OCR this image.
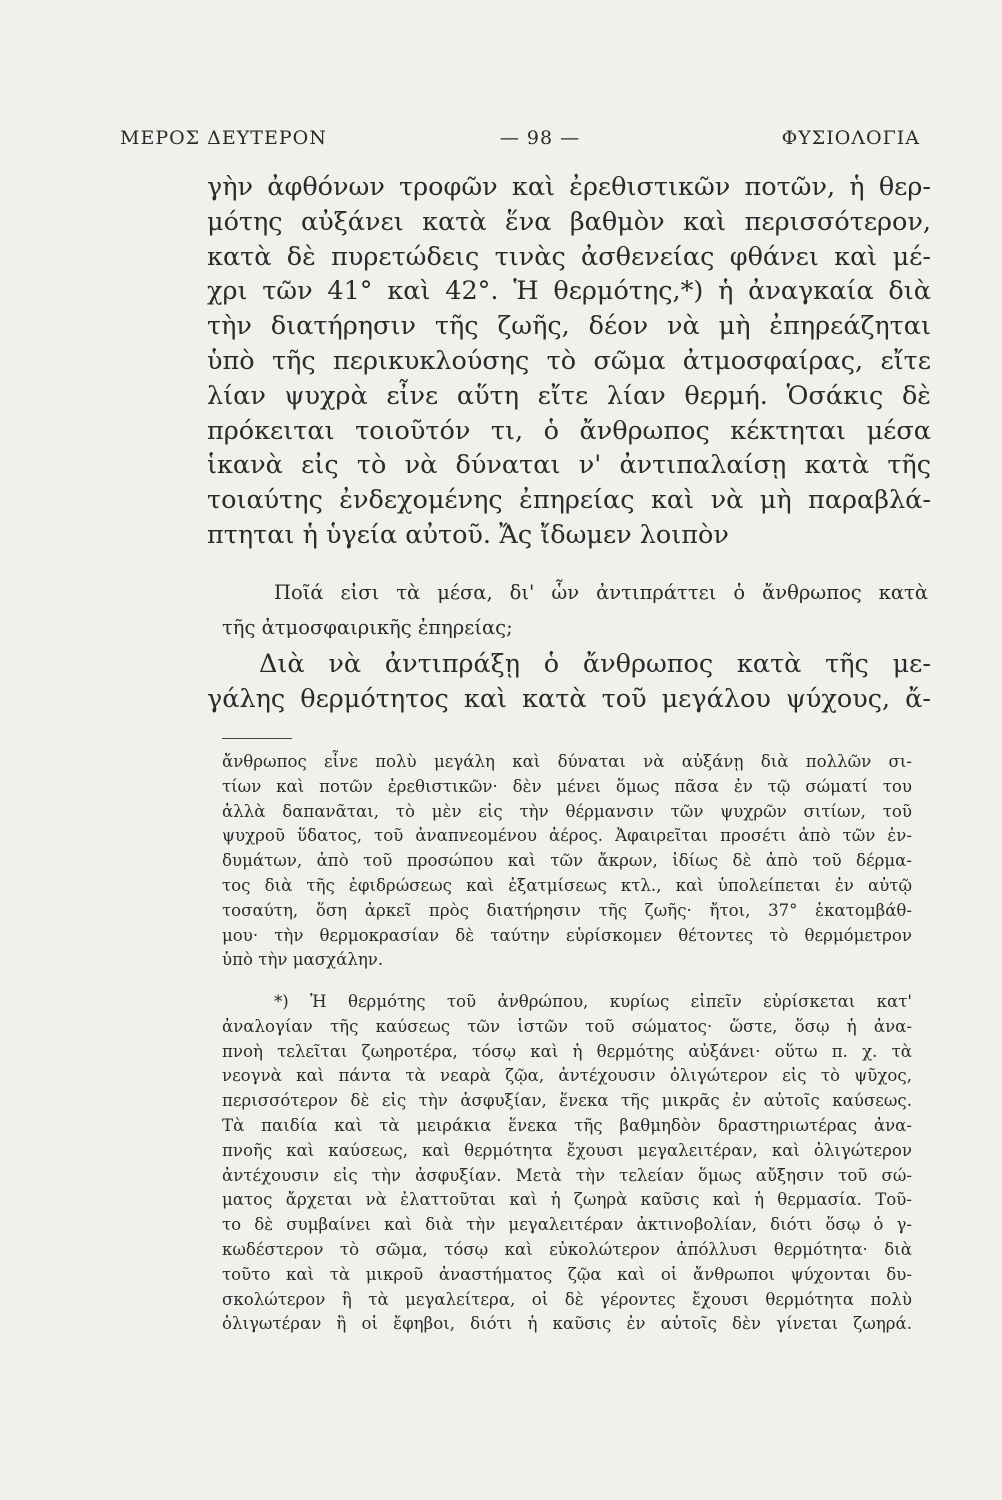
ΜΕΡΟΣ ΔΕΥΤΕΡΟΝ	— 98 —	ΦΥΣΙΟΛΟΓΙΑ
γὴν ἀφθόνων τροφῶν καὶ ἐρεθιστικῶν ποτῶν, ἡ θερ-
μότης αὐξάνει κατὰ ἕνα βαθμὸν καὶ περισσότερον,
κατὰ δὲ πυρετώδεις τινὰς ἀσθενείας φθάνει καὶ μέ-
χρι τῶν 41° καὶ 42°. Ἡ θερμότης,*) ἡ ἀναγκαία διὰ
τὴν διατήρησιν τῆς ζωῆς, δέον νὰ μὴ ἐπηρεάζηται
ὑπὸ τῆς περικυκλούσης τὸ σῶμα ἀτμοσφαίρας, εἴτε
λίαν ψυχρὰ εἶνε αὕτη εἴτε λίαν θερμή. Ὁσάκις δὲ
πρόκειται τοιοῦτόν τι, ὁ ἄνθρωπος κέκτηται μέσα
ἱκανὰ εἰς τὸ νὰ δύναται ν' ἀντιπαλαίσῃ κατὰ τῆς
τοιαύτης ἐνδεχομένης ἐπηρείας καὶ νὰ μὴ παραβλά-
πτηται ἡ ὑγεία αὐτοῦ. Ἄς ἴδωμεν λοιπὸν
Ποῖά εἰσι τὰ μέσα, δι' ὧν ἀντιπράττει ὁ ἄνθρωπος κατὰ
τῆς ἀτμοσφαιρικῆς ἐπηρείας;
Διὰ νὰ ἀντιπράξῃ ὁ ἄνθρωπος κατὰ τῆς με-
γάλης θερμότητος καὶ κατὰ τοῦ μεγάλου ψύχους, ἄ-
ἄνθρωπος εἶνε πολὺ μεγάλη καὶ δύναται νὰ αὐξάνῃ διὰ πολλῶν σι-
τίων καὶ ποτῶν ἐρεθιστικῶν· δὲν μένει ὅμως πᾶσα ἐν τῷ σώματί του
ἀλλὰ δαπανᾶται, τὸ μὲν εἰς τὴν θέρμανσιν τῶν ψυχρῶν σιτίων, τοῦ
ψυχροῦ ὕδατος, τοῦ ἀναπνεομένου ἀέρος. Ἀφαιρεῖται προσέτι ἀπὸ τῶν ἐν-
δυμάτων, ἀπὸ τοῦ προσώπου καὶ τῶν ἄκρων, ἰδίως δὲ ἀπὸ τοῦ δέρμα-
τος διὰ τῆς ἐφιδρώσεως καὶ ἐξατμίσεως κτλ., καὶ ὑπολείπεται ἐν αὐτῷ
τοσαύτη, ὅση ἀρκεῖ πρὸς διατήρησιν τῆς ζωῆς· ἤτοι, 37° ἑκατομβάθ-
μου· τὴν θερμοκρασίαν δὲ ταύτην εὑρίσκομεν θέτοντες τὸ θερμόμετρον
ὑπὸ τὴν μασχάλην.
*) Ἡ θερμότης τοῦ ἀνθρώπου, κυρίως εἰπεῖν εὑρίσκεται κατ'
ἀναλογίαν τῆς καύσεως τῶν ἱστῶν τοῦ σώματος· ὥστε, ὅσῳ ἡ ἀνα-
πνοὴ τελεῖται ζωηροτέρα, τόσῳ καὶ ἡ θερμότης αὐξάνει· οὕτω π. χ. τὰ
νεογνὰ καὶ πάντα τὰ νεαρὰ ζῷα, ἀντέχουσιν ὀλιγώτερον εἰς τὸ ψῦχος,
περισσότερον δὲ εἰς τὴν ἀσφυξίαν, ἕνεκα τῆς μικρᾶς ἐν αὐτοῖς καύσεως.
Τὰ παιδία καὶ τὰ μειράκια ἕνεκα τῆς βαθμηδὸν δραστηριωτέρας ἀνα-
πνοῆς καὶ καύσεως, καὶ θερμότητα ἔχουσι μεγαλειτέραν, καὶ ὀλιγώτερον
ἀντέχουσιν εἰς τὴν ἀσφυξίαν. Μετὰ τὴν τελείαν ὅμως αὔξησιν τοῦ σώ-
ματος ἄρχεται νὰ ἐλαττοῦται καὶ ἡ ζωηρὰ καῦσις καὶ ἡ θερμασία. Τοῦ-
το δὲ συμβαίνει καὶ διὰ τὴν μεγαλειτέραν ἀκτινοβολίαν, διότι ὅσῳ ὀ γ-
κωδέστερον τὸ σῶμα, τόσῳ καὶ εὐκολώτερον ἀπόλλυσι θερμότητα· διὰ
τοῦτο καὶ τὰ μικροῦ ἀναστήματος ζῷα καὶ οἱ ἄνθρωποι ψύχονται δυ-
σκολώτερον ἢ τὰ μεγαλείτερα, οἱ δὲ γέροντες ἔχουσι θερμότητα πολὺ
ὀλιγωτέραν ἢ οἱ ἔφηβοι, διότι ἡ καῦσις ἐν αὐτοῖς δὲν γίνεται ζωηρά.
